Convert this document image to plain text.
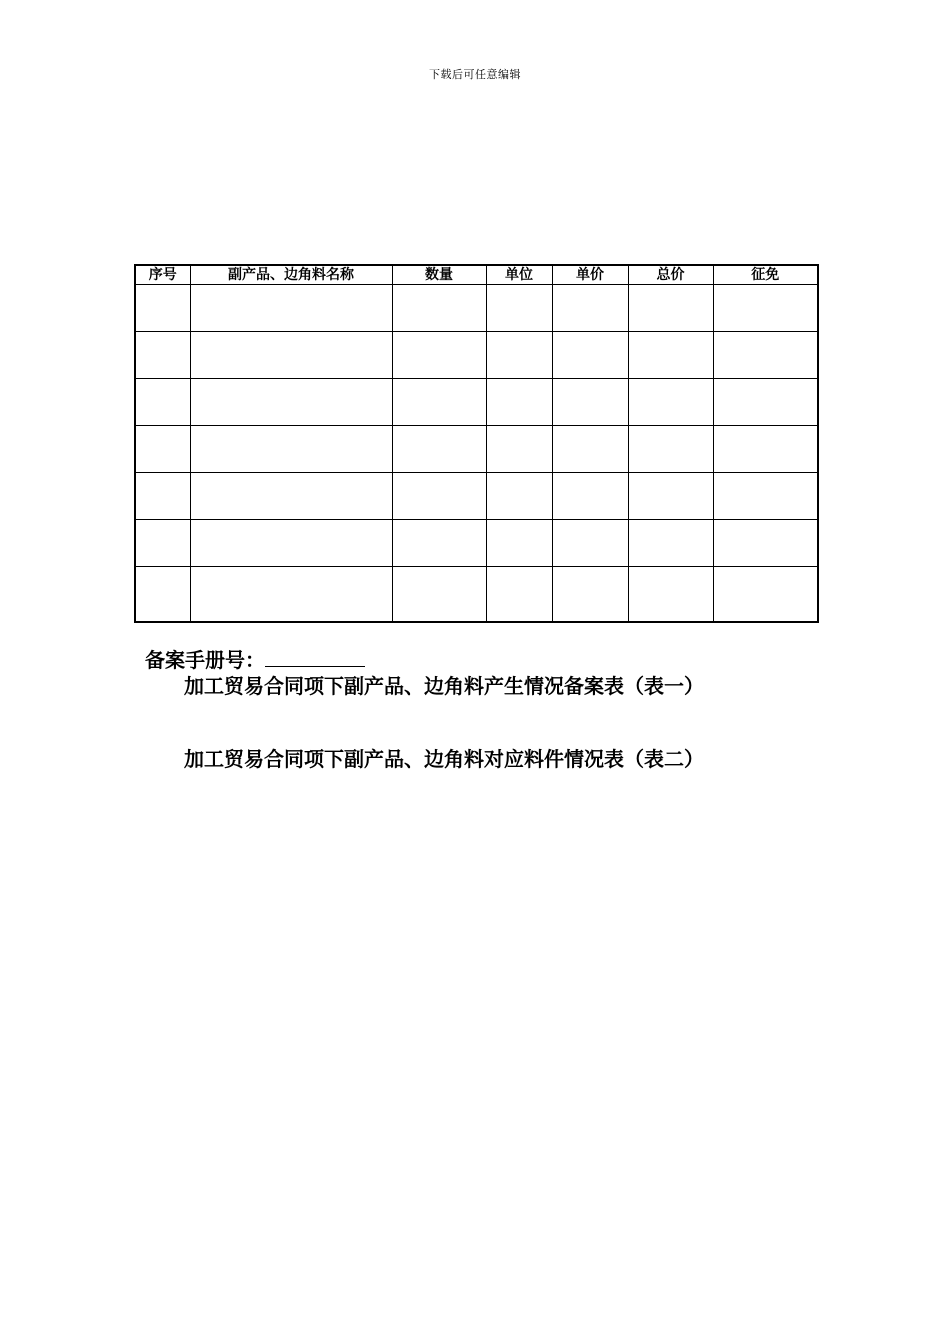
下载后可任意编辑
序号	副产品、边角料名称	数量	单位	单价	总价	征免

备案手册号：
加工贸易合同项下副产品、边角料产生情况备案表（表一）
加工贸易合同项下副产品、边角料对应料件情况表（表二）
